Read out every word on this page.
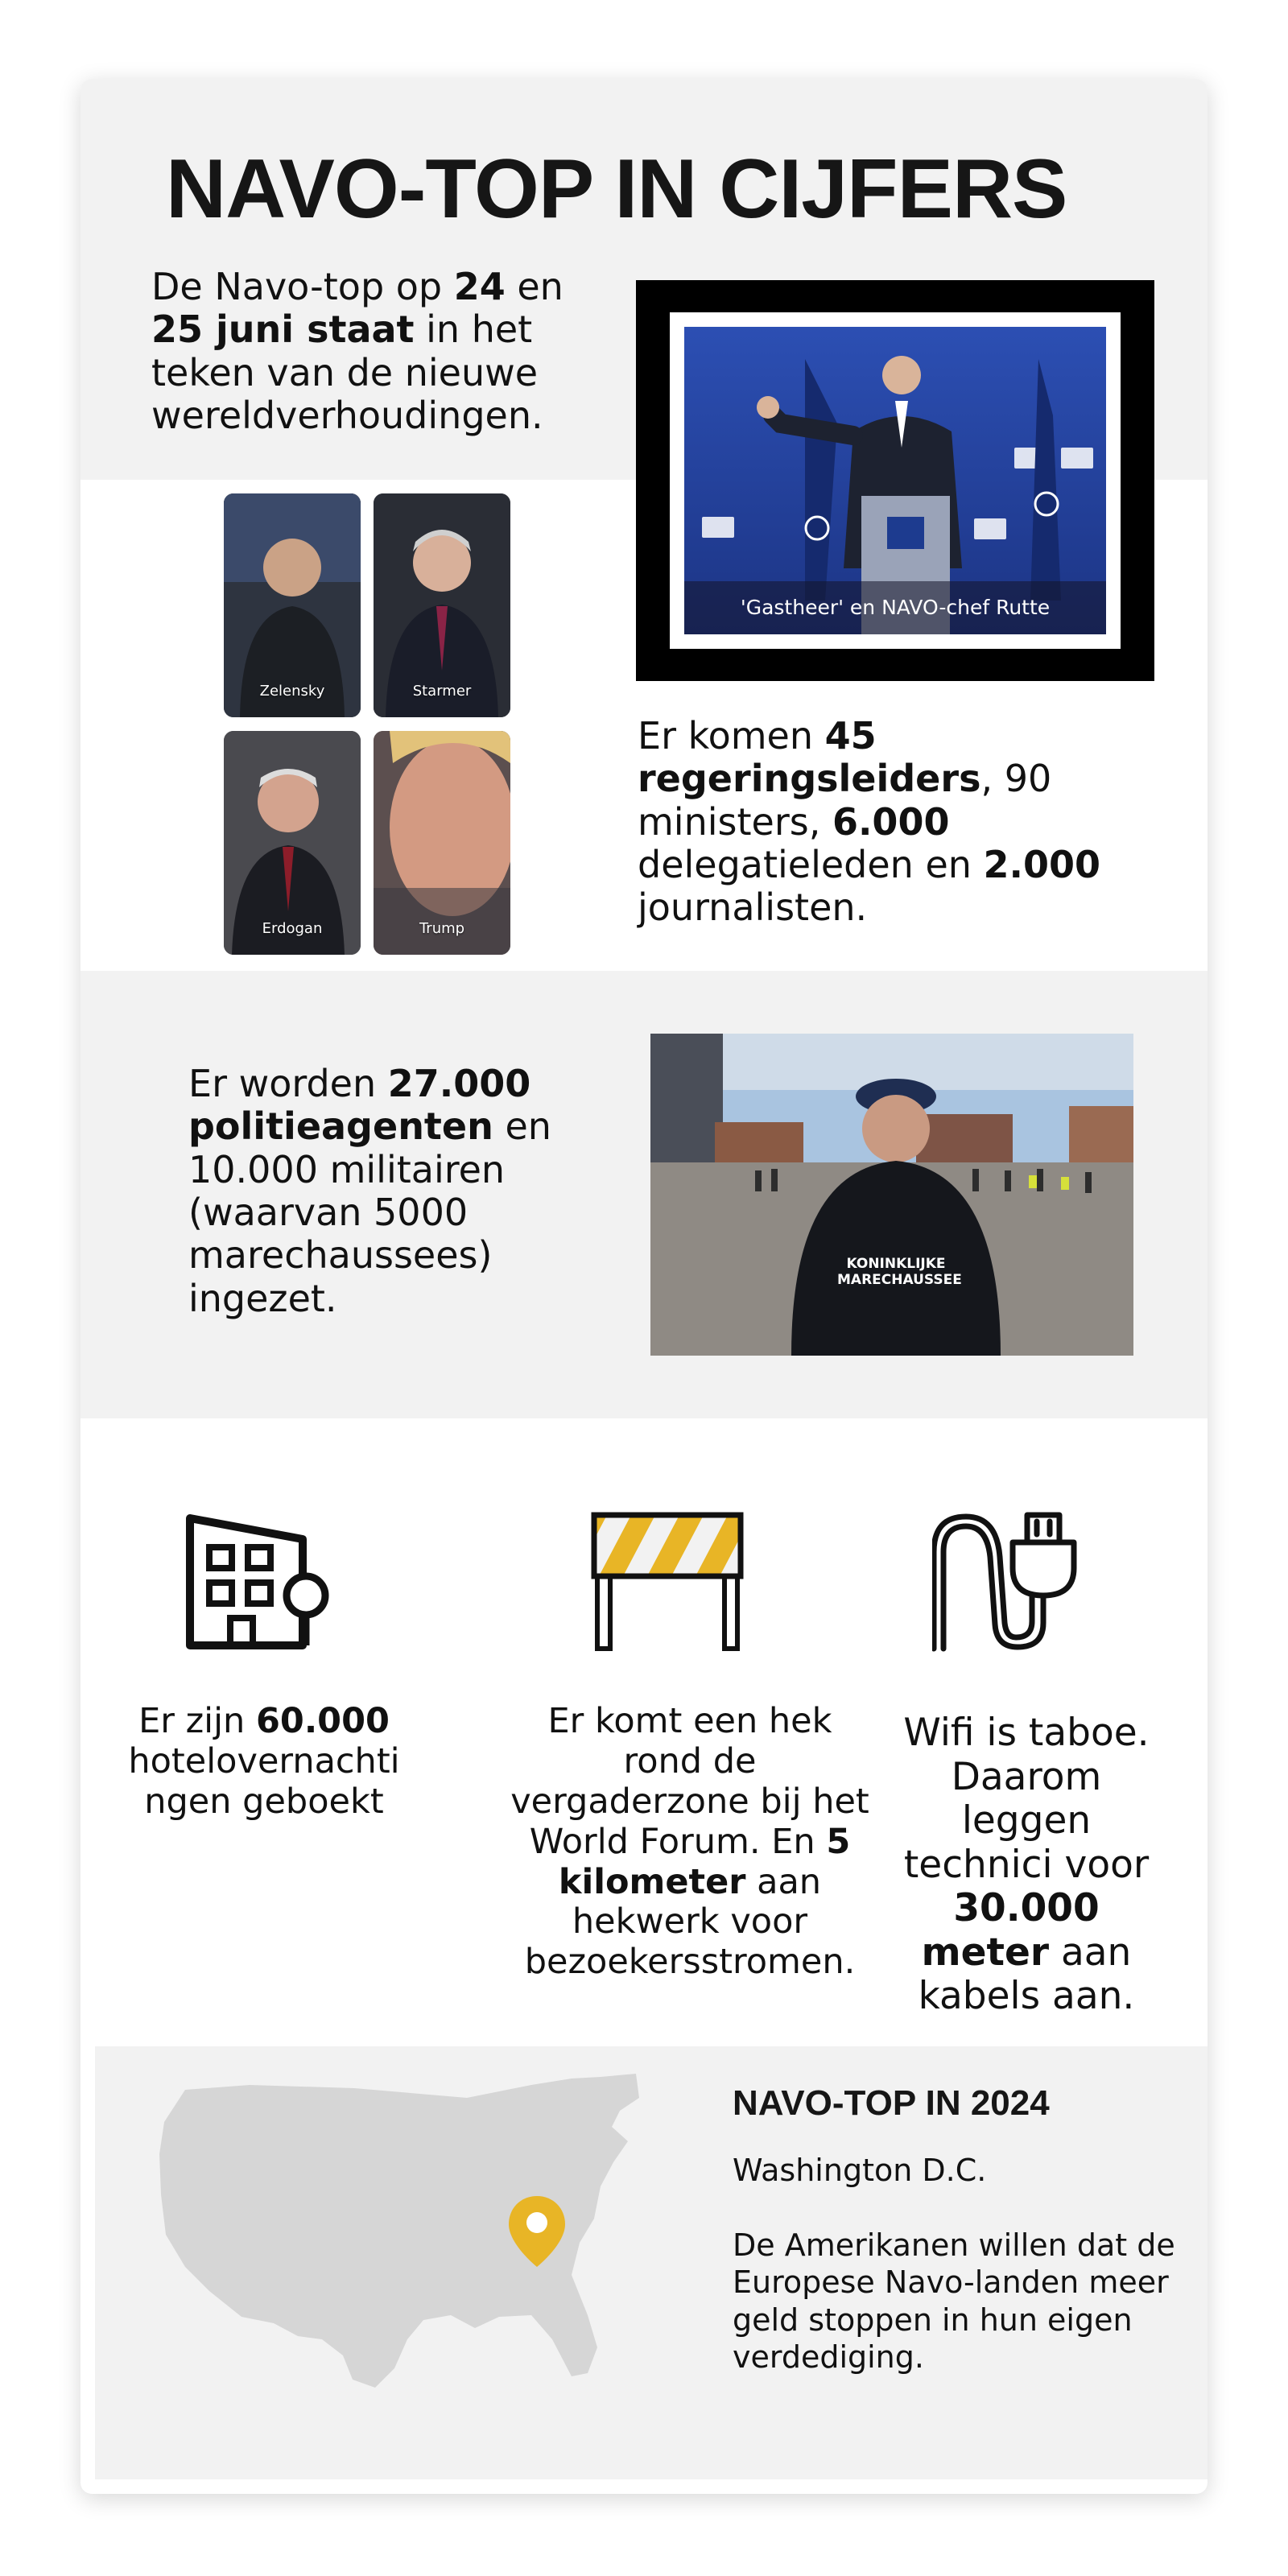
NAVO-TOP IN CIJFERS
De Navo-top op 24 en 25 juni staat in het teken van de nieuwe wereldverhoudingen.
'Gastheer' en NAVO-chef Rutte
Zelensky	Starmer
Erdogan	Trump
Er komen 45 regeringsleiders, 90 ministers, 6.000 delegatieleden en 2.000 journalisten.
Er worden 27.000 politieagenten en 10.000 militairen (waarvan 5000 marechaussees) ingezet.
KONINKLIJKE
MARECHAUSSEE
Er zijn 60.000 hotelovernachti ngen geboekt
Er komt een hek rond de vergaderzone bij het World Forum. En 5 kilometer aan hekwerk voor bezoekersstromen.
Wifi is taboe. Daarom leggen technici voor 30.000 meter aan kabels aan.
NAVO-TOP IN 2024
Washington D.C.
De Amerikanen willen dat de Europese Navo-landen meer geld stoppen in hun eigen verdediging.
